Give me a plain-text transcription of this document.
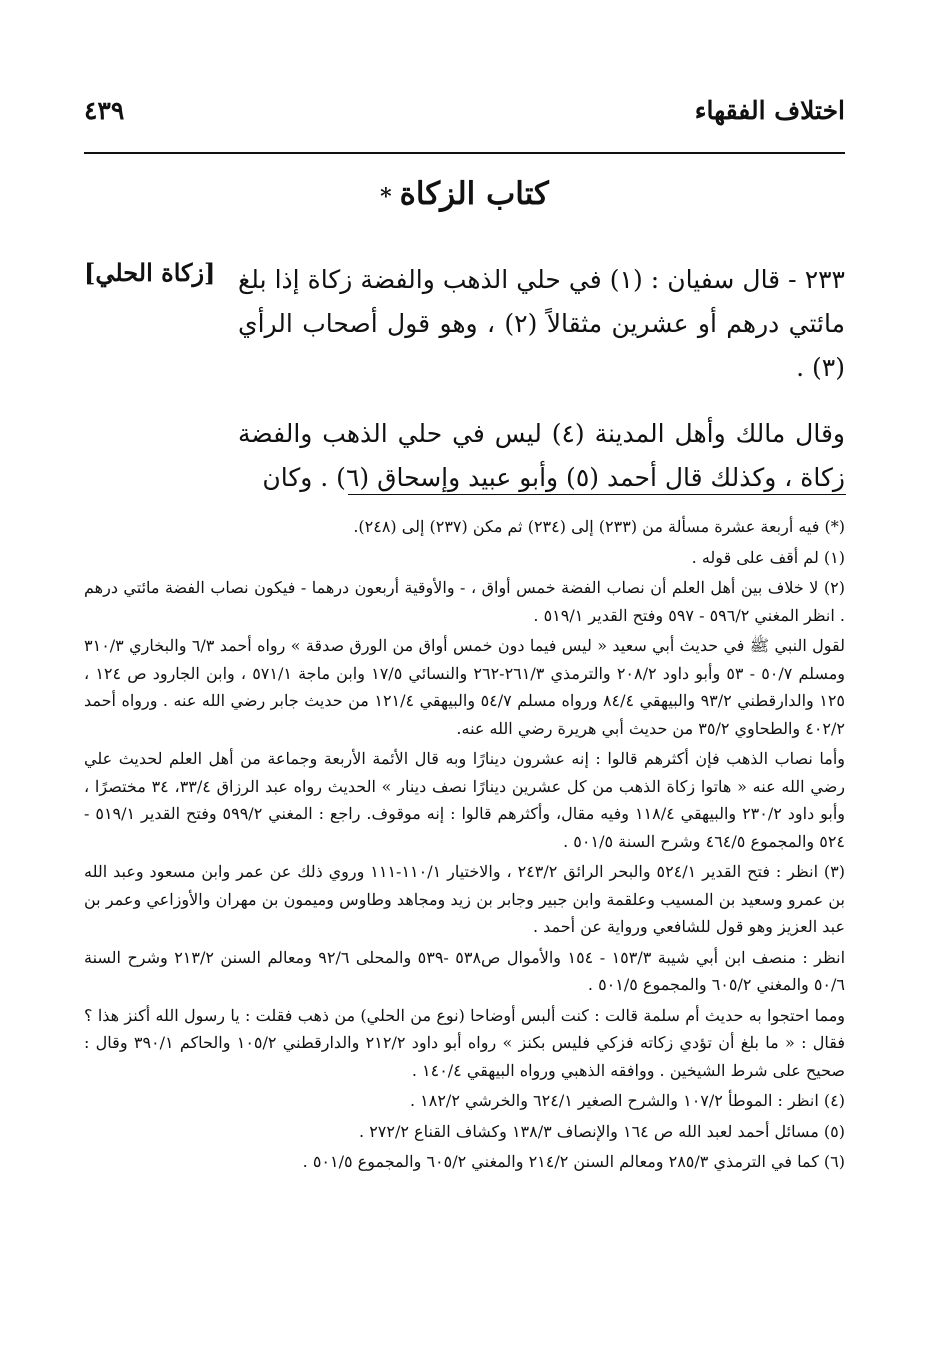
اختلاف الفقهاء
٤٣٩
كتاب الزكاة*
[زكاة الحلي] ٢٣٣ - قال سفيان : (١) في حلي الذهب والفضة زكاة إذا بلغ مائتي درهم أو عشرين مثقالاً (٢) ، وهو قول أصحاب الرأي (٣) .

وقال مالك وأهل المدينة (٤) ليس في حلي الذهب والفضة زكاة ، وكذلك قال أحمد (٥) وأبو عبيد وإسحاق (٦) . وكان

(*) فيه أربعة عشرة مسألة من (٢٣٣) إلى (٢٣٤) ثم مكن (٢٣٧) إلى (٢٤٨).

(١) لم أقف على قوله .

(٢) لا خلاف بين أهل العلم أن نصاب الفضة خمس أواق ، - والأوقية أربعون درهما - فيكون نصاب الفضة مائتي درهم . انظر المغني ٥٩٦/٢ - ٥٩٧ وفتح القدير ٥١٩/١ .

لقول النبي ﷺ في حديث أبي سعيد « ليس فيما دون خمس أواق من الورق صدقة » رواه أحمد ٦/٣ والبخاري ٣١٠/٣ ومسلم ٥٠/٧ - ٥٣ وأبو داود ٢٠٨/٢ والترمذي ٢٦١/٣-٢٦٢ والنسائي ١٧/٥ وابن ماجة ٥٧١/١ ، وابن الجارود ص ١٢٤ ، ١٢٥ والدارقطني ٩٣/٢ والبيهقي ٨٤/٤ ورواه مسلم ٥٤/٧ والبيهقي ١٢١/٤ من حديث جابر رضي الله عنه . ورواه أحمد ٤٠٢/٢ والطحاوي ٣٥/٢ من حديث أبي هريرة رضي الله عنه.

وأما نصاب الذهب فإن أكثرهم قالوا : إنه عشرون دينارًا وبه قال الأئمة الأربعة وجماعة من أهل العلم لحديث علي رضي الله عنه « هاتوا زكاة الذهب من كل عشرين دينارًا نصف دينار » الحديث رواه عبد الرزاق ٣٣/٤، ٣٤ مختصرًا ، وأبو داود ٢٣٠/٢ والبيهقي ١١٨/٤ وفيه مقال، وأكثرهم قالوا : إنه موقوف. راجع : المغني ٥٩٩/٢ وفتح القدير ٥١٩/١ - ٥٢٤ والمجموع ٤٦٤/٥ وشرح السنة ٥٠١/٥ .

(٣) انظر : فتح القدير ٥٢٤/١ والبحر الرائق ٢٤٣/٢ ، والاختيار ١١٠/١-١١١ وروي ذلك عن عمر وابن مسعود وعبد الله بن عمرو وسعيد بن المسيب وعلقمة وابن جبير وجابر بن زيد ومجاهد وطاوس وميمون بن مهران والأوزاعي وعمر بن عبد العزيز وهو قول للشافعي ورواية عن أحمد .

انظر : منصف ابن أبي شيبة ١٥٣/٣ - ١٥٤ والأموال ص٥٣٨ -٥٣٩ والمحلى ٩٢/٦ ومعالم السنن ٢١٣/٢ وشرح السنة ٥٠/٦ والمغني ٦٠٥/٢ والمجموع ٥٠١/٥ .

ومما احتجوا به حديث أم سلمة قالت : كنت ألبس أوضاحا (نوع من الحلي) من ذهب فقلت : يا رسول الله أكنز هذا ؟ فقال : « ما بلغ أن تؤدي زكاته فزكي فليس بكنز » رواه أبو داود ٢١٢/٢ والدارقطني ١٠٥/٢ والحاكم ٣٩٠/١ وقال : صحيح على شرط الشيخين . ووافقه الذهبي ورواه البيهقي ١٤٠/٤ .

(٤) انظر : الموطأ ١٠٧/٢ والشرح الصغير ٦٢٤/١ والخرشي ١٨٢/٢ .

(٥) مسائل أحمد لعبد الله ص ١٦٤ والإنصاف ١٣٨/٣ وكشاف القناع ٢٧٢/٢ .

(٦) كما في الترمذي ٢٨٥/٣ ومعالم السنن ٢١٤/٢ والمغني ٦٠٥/٢ والمجموع ٥٠١/٥ .
